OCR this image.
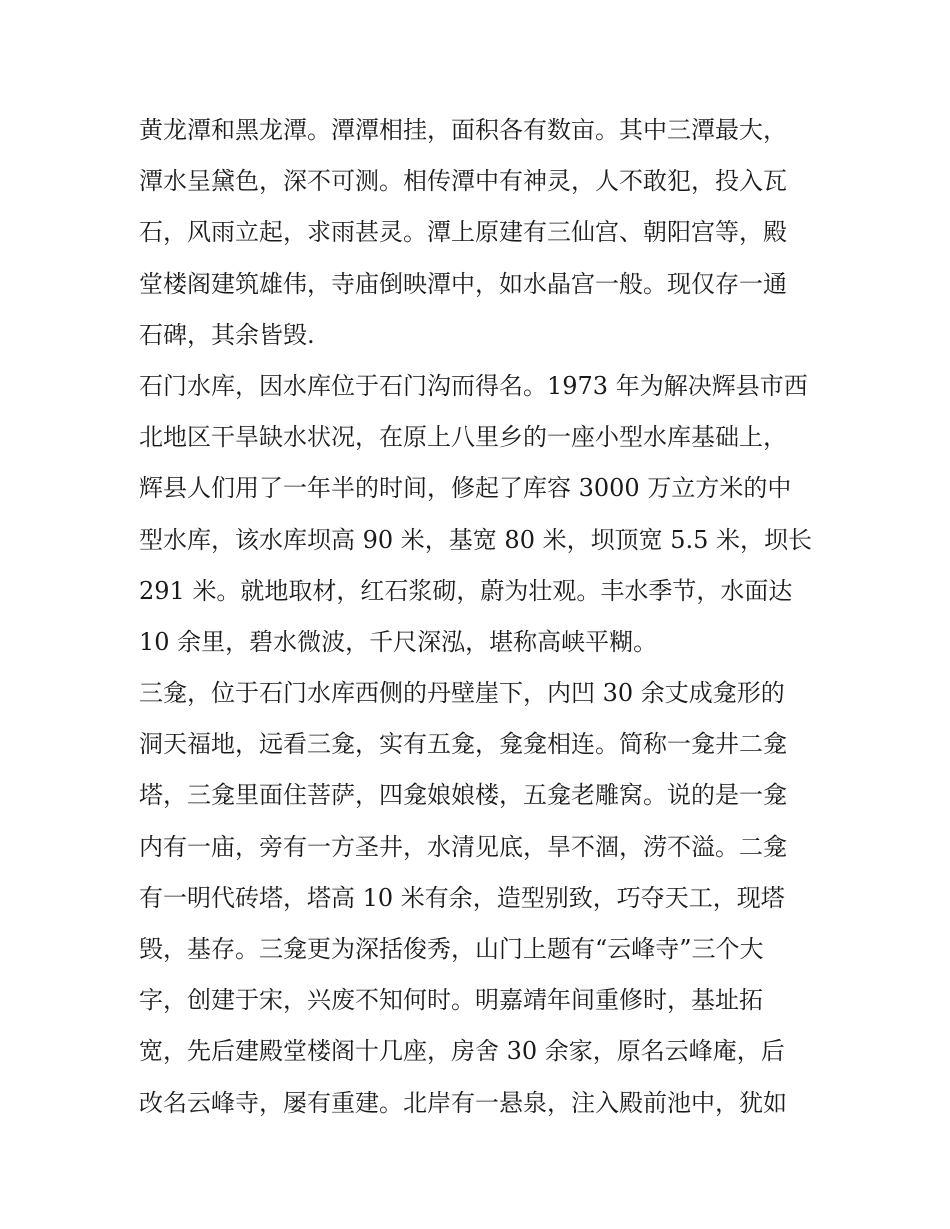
黄龙潭和黑龙潭。潭潭相挂，面积各有数亩。其中三潭最大，
潭水呈黛色，深不可测。相传潭中有神灵，人不敢犯，投入瓦
石，风雨立起，求雨甚灵。潭上原建有三仙宫、朝阳宫等，殿
堂楼阁建筑雄伟，寺庙倒映潭中，如水晶宫一般。现仅存一通
石碑，其余皆毁.
石门水库，因水库位于石门沟而得名。1973 年为解决辉县市西
北地区干旱缺水状况，在原上八里乡的一座小型水库基础上，
辉县人们用了一年半的时间，修起了库容 3000 万立方米的中
型水库，该水库坝高 90 米，基宽 80 米，坝顶宽 5.5 米，坝长
291 米。就地取材，红石浆砌，蔚为壮观。丰水季节，水面达
10 余里，碧水微波，千尺深泓，堪称高峡平糊。
三龛，位于石门水库西侧的丹壁崖下，内凹 30 余丈成龛形的
洞天福地，远看三龛，实有五龛，龛龛相连。简称一龛井二龛
塔，三龛里面住菩萨，四龛娘娘楼，五龛老雕窝。说的是一龛
内有一庙，旁有一方圣井，水清见底，旱不涸，涝不溢。二龛
有一明代砖塔，塔高 10 米有余，造型别致，巧夺天工，现塔
毁，基存。三龛更为深括俊秀，山门上题有“云峰寺”三个大
字，创建于宋，兴废不知何时。明嘉靖年间重修时，基址拓
宽，先后建殿堂楼阁十几座，房舍 30 余家，原名云峰庵，后
改名云峰寺，屡有重建。北岸有一悬泉，注入殿前池中，犹如
